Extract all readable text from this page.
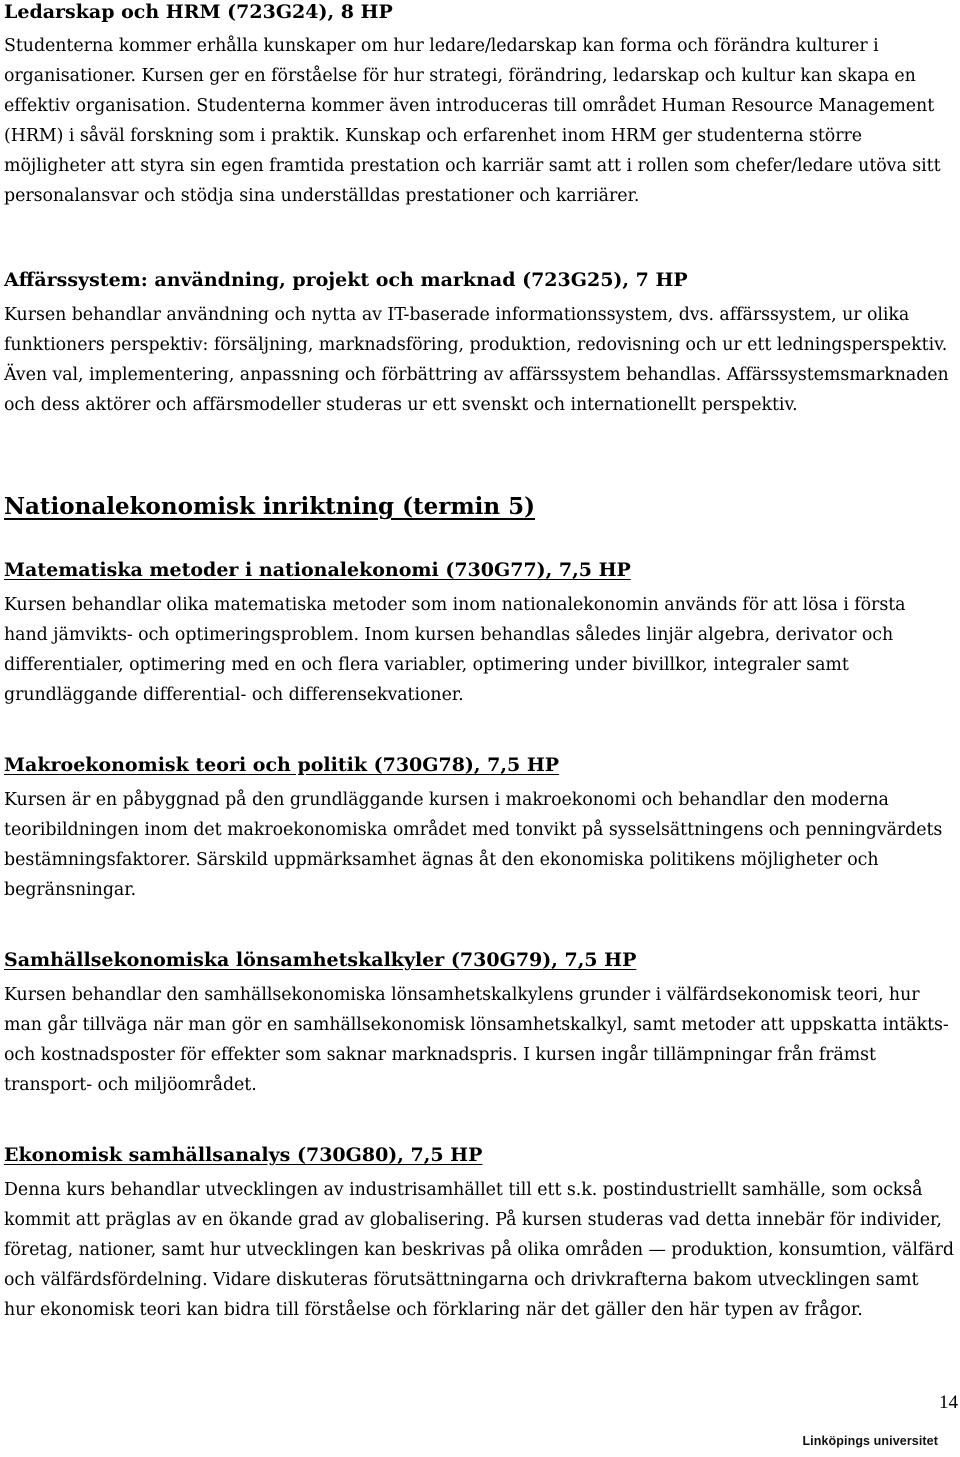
Ledarskap och HRM (723G24), 8 HP

Studenterna kommer erhålla kunskaper om hur ledare/ledarskap kan forma och förändra kulturer i organisationer. Kursen ger en förståelse för hur strategi, förändring, ledarskap och kultur kan skapa en effektiv organisation. Studenterna kommer även introduceras till området Human Resource Management (HRM) i såväl forskning som i praktik. Kunskap och erfarenhet inom HRM ger studenterna större möjligheter att styra sin egen framtida prestation och karriär samt att i rollen som chefer/ledare utöva sitt personalansvar och stödja sina underställdas prestationer och karriärer.

Affärssystem: användning, projekt och marknad (723G25), 7 HP

Kursen behandlar användning och nytta av IT-baserade informationssystem, dvs. affärssystem, ur olika funktioners perspektiv: försäljning, marknadsföring, produktion, redovisning och ur ett ledningsperspektiv. Även val, implementering, anpassning och förbättring av affärssystem behandlas. Affärssystemsmarknaden och dess aktörer och affärsmodeller studeras ur ett svenskt och internationellt perspektiv.

Nationalekonomisk inriktning (termin 5)
Matematiska metoder i nationalekonomi (730G77), 7,5 HP

Kursen behandlar olika matematiska metoder som inom nationalekonomin används för att lösa i första hand jämvikts- och optimeringsproblem. Inom kursen behandlas således linjär algebra, derivator och differentialer, optimering med en och flera variabler, optimering under bivillkor, integraler samt grundläggande differential- och differensekvationer.

Makroekonomisk teori och politik (730G78), 7,5 HP

Kursen är en påbyggnad på den grundläggande kursen i makroekonomi och behandlar den moderna teoribildningen inom det makroekonomiska området med tonvikt på sysselsättningens och penningvärdets bestämningsfaktorer. Särskild uppmärksamhet ägnas åt den ekonomiska politikens möjligheter och begränsningar.

Samhällsekonomiska lönsamhetskalkyler (730G79), 7,5 HP

Kursen behandlar den samhällsekonomiska lönsamhetskalkylens grunder i välfärdsekonomisk teori, hur man går tillväga när man gör en samhällsekonomisk lönsamhetskalkyl, samt metoder att uppskatta intäkts- och kostnadsposter för effekter som saknar marknadspris. I kursen ingår tillämpningar från främst transport- och miljöområdet.

Ekonomisk samhällsanalys (730G80), 7,5 HP

Denna kurs behandlar utvecklingen av industrisamhället till ett s.k. postindustriellt samhälle, som också kommit att präglas av en ökande grad av globalisering. På kursen studeras vad detta innebär för individer, företag, nationer, samt hur utvecklingen kan beskrivas på olika områden — produktion, konsumtion, välfärd och välfärdsfördelning. Vidare diskuteras förutsättningarna och drivkrafterna bakom utvecklingen samt hur ekonomisk teori kan bidra till förståelse och förklaring när det gäller den här typen av frågor.

14
Linköpings universitet
